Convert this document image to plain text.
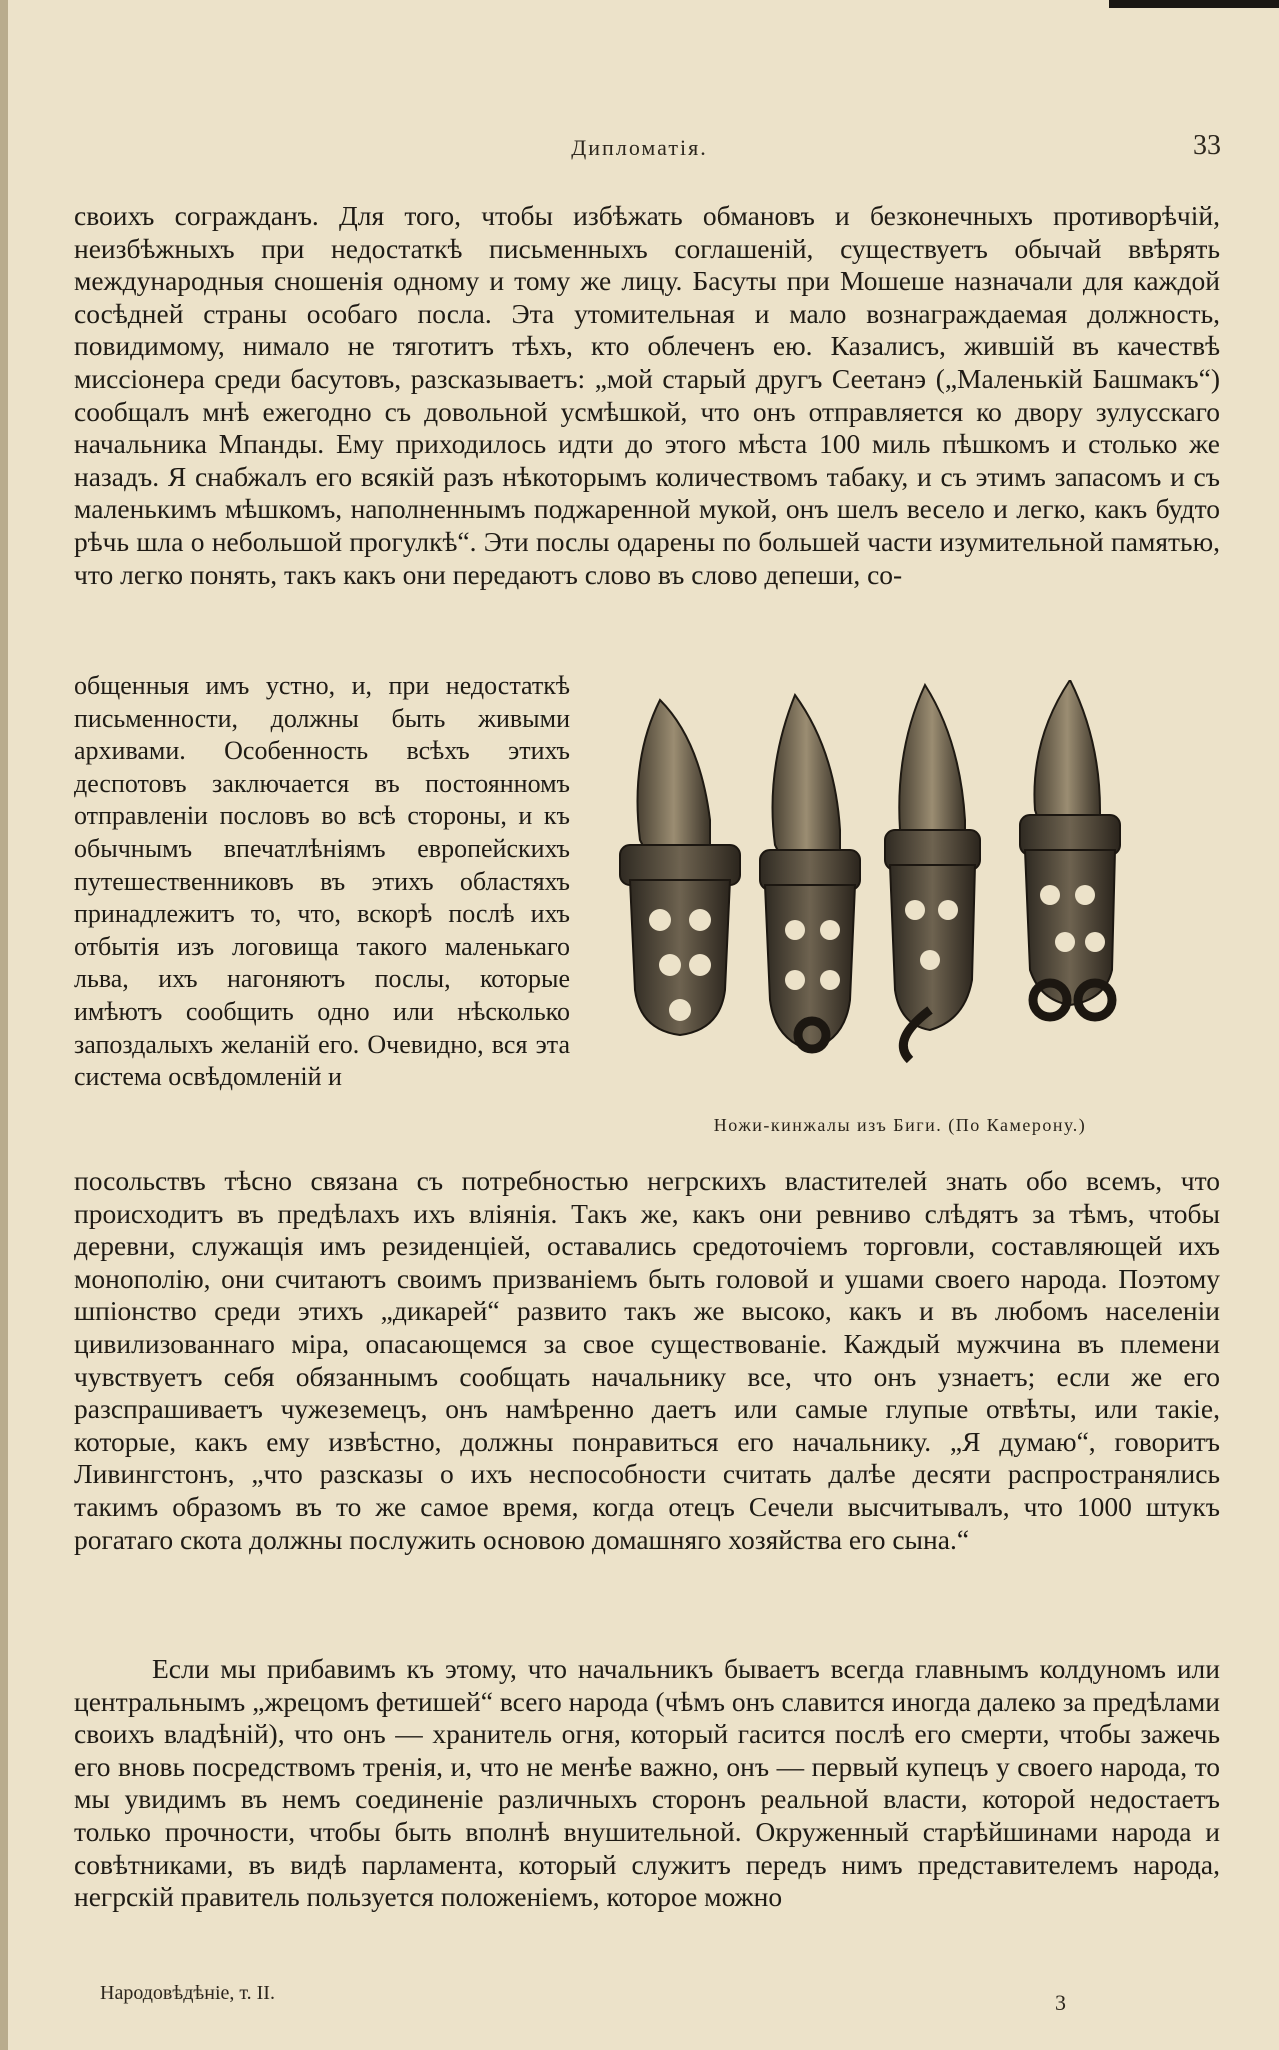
Дипломатія.	33

своихъ согражданъ. Для того, чтобы избѣжать обмановъ и безконечныхъ противорѣчій, неизбѣжныхъ при недостаткѣ письменныхъ соглашеній, существуетъ обычай ввѣрять международныя сношенія одному и тому же лицу. Басуты при Мошеше назначали для каждой сосѣдней страны особаго посла. Эта утомительная и мало вознаграждаемая должность, повидимому, нимало не тяготитъ тѣхъ, кто облеченъ ею. Казалисъ, жившій въ качествѣ миссіонера среди басутовъ, разсказываетъ: „мой старый другъ Сеетанэ („Маленькій Башмакъ“) сообщалъ мнѣ ежегодно съ довольной усмѣшкой, что онъ отправляется ко двору зулусскаго начальника Мпанды. Ему приходилось идти до этого мѣста 100 миль пѣшкомъ и столько же назадъ. Я снабжалъ его всякій разъ нѣкоторымъ количествомъ табаку, и съ этимъ запасомъ и съ маленькимъ мѣшкомъ, наполненнымъ поджаренной мукой, онъ шелъ весело и легко, какъ будто рѣчь шла о небольшой прогулкѣ“. Эти послы одарены по большей части изумительной памятью, что легко понять, такъ какъ они передаютъ слово въ слово депеши, со-

общенныя имъ устно, и, при недостаткѣ письменности, должны быть живыми архивами. Особенность всѣхъ этихъ деспотовъ заключается въ постоянномъ отправленіи пословъ во всѣ стороны, и къ обычнымъ впечатлѣніямъ европейскихъ путешественниковъ въ этихъ областяхъ принадлежитъ то, что, вскорѣ послѣ ихъ отбытія изъ логовища такого маленькаго льва, ихъ нагоняютъ послы, которые имѣютъ сообщить одно или нѣсколько запоздалыхъ желаній его. Очевидно, вся эта система освѣдомленій и

Ножи-кинжалы изъ Биги. (По Камерону.)

посольствъ тѣсно связана съ потребностью негрскихъ властителей знать обо всемъ, что происходитъ въ предѣлахъ ихъ вліянія. Такъ же, какъ они ревниво слѣдятъ за тѣмъ, чтобы деревни, служащія имъ резиденціей, оставались средоточіемъ торговли, составляющей ихъ монополію, они считаютъ своимъ призваніемъ быть головой и ушами своего народа. Поэтому шпіонство среди этихъ „дикарей“ развито такъ же высоко, какъ и въ любомъ населеніи цивилизованнаго міра, опасающемся за свое существованіе. Каждый мужчина въ племени чувствуетъ себя обязаннымъ сообщать начальнику все, что онъ узнаетъ; если же его разспрашиваетъ чужеземецъ, онъ намѣренно даетъ или самые глупые отвѣты, или такіе, которые, какъ ему извѣстно, должны понравиться его начальнику. „Я думаю“, говоритъ Ливингстонъ, „что разсказы о ихъ неспособности считать далѣе десяти распространялись такимъ образомъ въ то же самое время, когда отецъ Сечели высчитывалъ, что 1000 штукъ рогатаго скота должны послужить основою домашняго хозяйства его сына.“

Если мы прибавимъ къ этому, что начальникъ бываетъ всегда главнымъ колдуномъ или центральнымъ „жрецомъ фетишей“ всего народа (чѣмъ онъ славится иногда далеко за предѣлами своихъ владѣній), что онъ — хранитель огня, который гасится послѣ его смерти, чтобы зажечь его вновь посредствомъ тренія, и, что не менѣе важно, онъ — первый купецъ у своего народа, то мы увидимъ въ немъ соединеніе различныхъ сторонъ реальной власти, которой недостаетъ только прочности, чтобы быть вполнѣ внушительной. Окруженный старѣйшинами народа и совѣтниками, въ видѣ парламента, который служитъ передъ нимъ представителемъ народа, негрскій правитель пользуется положеніемъ, которое можно

Народовѣдѣніе, т. II.	3
